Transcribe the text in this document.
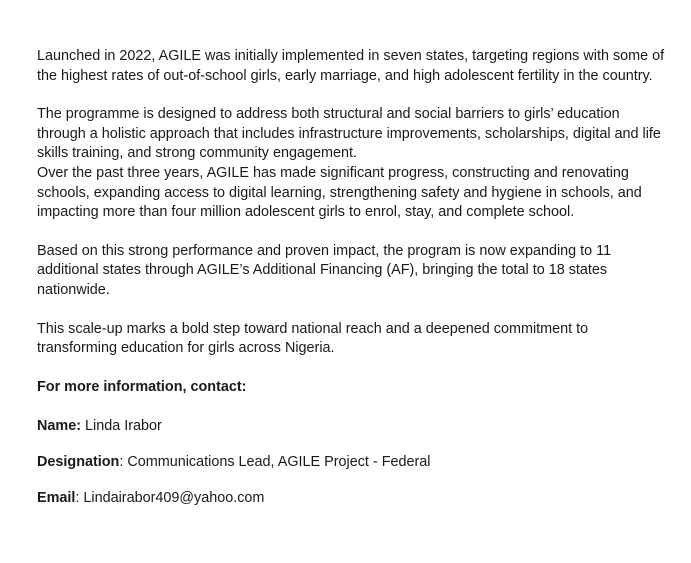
Launched in 2022, AGILE was initially implemented in seven states, targeting regions with some of the highest rates of out-of-school girls, early marriage, and high adolescent fertility in the country.

The programme is designed to address both structural and social barriers to girls’ education through a holistic approach that includes infrastructure improvements, scholarships, digital and life skills training, and strong community engagement.

Over the past three years, AGILE has made significant progress, constructing and renovating schools, expanding access to digital learning, strengthening safety and hygiene in schools, and impacting more than four million adolescent girls to enrol, stay, and complete school.

Based on this strong performance and proven impact, the program is now expanding to 11 additional states through AGILE’s Additional Financing (AF), bringing the total to 18 states nationwide.

This scale-up marks a bold step toward national reach and a deepened commitment to transforming education for girls across Nigeria.

For more information, contact:

Name: Linda Irabor

Designation: Communications Lead, AGILE Project - Federal

Email: Lindairabor409@yahoo.com
